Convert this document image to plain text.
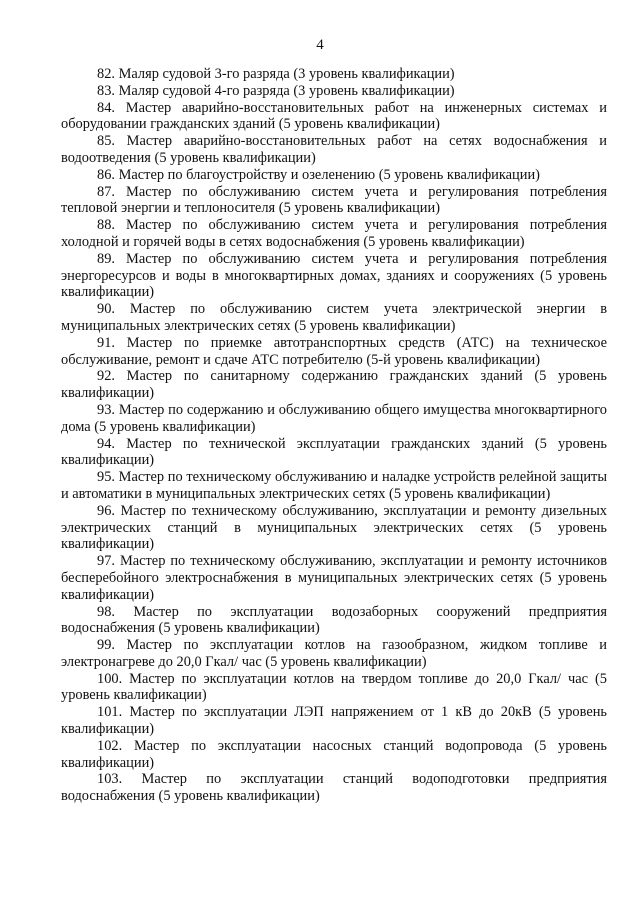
4

82. Маляр судовой 3-го разряда (3 уровень квалификации)

83. Маляр судовой 4-го разряда (3 уровень квалификации)

84. Мастер аварийно-восстановительных работ на инженерных системах и оборудовании гражданских зданий (5 уровень квалификации)

85. Мастер аварийно-восстановительных работ на сетях водоснабжения и водоотведения (5 уровень квалификации)

86. Мастер по благоустройству и озеленению (5 уровень квалификации)

87. Мастер по обслуживанию систем учета и регулирования потребления тепловой энергии и теплоносителя (5 уровень квалификации)

88. Мастер по обслуживанию систем учета и регулирования потребления холодной и горячей воды в сетях водоснабжения (5 уровень квалификации)

89. Мастер по обслуживанию систем учета и регулирования потребления энергоресурсов и воды в многоквартирных домах, зданиях и сооружениях (5 уровень квалификации)

90. Мастер по обслуживанию систем учета электрической энергии в муниципальных электрических сетях (5 уровень квалификации)

91. Мастер по приемке автотранспортных средств (АТС) на техническое обслуживание, ремонт и сдаче АТС потребителю (5-й уровень квалификации)

92. Мастер по санитарному содержанию гражданских зданий (5 уровень квалификации)

93. Мастер по содержанию и обслуживанию общего имущества многоквартирного дома (5 уровень квалификации)

94. Мастер по технической эксплуатации гражданских зданий (5 уровень квалификации)

95. Мастер по техническому обслуживанию и наладке устройств релейной защиты и автоматики в муниципальных электрических сетях (5 уровень квалификации)

96. Мастер по техническому обслуживанию, эксплуатации и ремонту дизельных электрических станций в муниципальных электрических сетях (5 уровень квалификации)

97. Мастер по техническому обслуживанию, эксплуатации и ремонту источников бесперебойного электроснабжения в муниципальных электрических сетях (5 уровень квалификации)

98. Мастер по эксплуатации водозаборных сооружений предприятия водоснабжения (5 уровень квалификации)

99. Мастер по эксплуатации котлов на газообразном, жидком топливе и электронагреве до 20,0 Гкал/ час (5 уровень квалификации)

100. Мастер по эксплуатации котлов на твердом топливе до 20,0 Гкал/ час (5 уровень квалификации)

101. Мастер по эксплуатации ЛЭП напряжением от 1 кВ до 20кВ (5 уровень квалификации)

102. Мастер по эксплуатации насосных станций водопровода (5 уровень квалификации)

103. Мастер по эксплуатации станций водоподготовки предприятия водоснабжения (5 уровень квалификации)
